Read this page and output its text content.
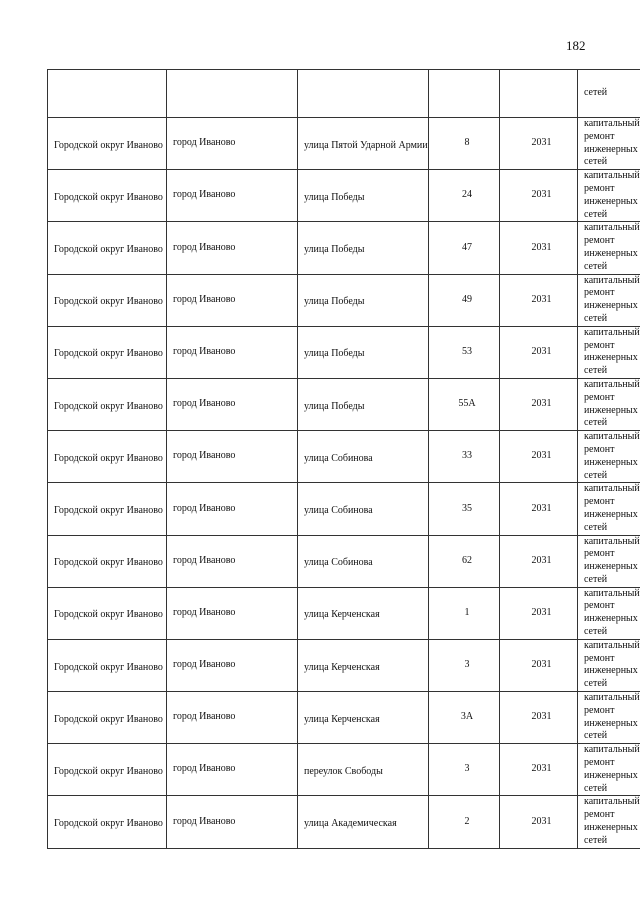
182
					сетей

Городской округ Иваново	город Иваново	улица Пятой Ударной Армии	8	2031	капитальный ремонт инженерных сетей

Городской округ Иваново	город Иваново	улица Победы	24	2031	капитальный ремонт инженерных сетей

Городской округ Иваново	город Иваново	улица Победы	47	2031	капитальный ремонт инженерных сетей

Городской округ Иваново	город Иваново	улица Победы	49	2031	капитальный ремонт инженерных сетей

Городской округ Иваново	город Иваново	улица Победы	53	2031	капитальный ремонт инженерных сетей

Городской округ Иваново	город Иваново	улица Победы	55А	2031	капитальный ремонт инженерных сетей

Городской округ Иваново	город Иваново	улица Собинова	33	2031	капитальный ремонт инженерных сетей

Городской округ Иваново	город Иваново	улица Собинова	35	2031	капитальный ремонт инженерных сетей

Городской округ Иваново	город Иваново	улица Собинова	62	2031	капитальный ремонт инженерных сетей

Городской округ Иваново	город Иваново	улица Керченская	1	2031	капитальный ремонт инженерных сетей

Городской округ Иваново	город Иваново	улица Керченская	3	2031	капитальный ремонт инженерных сетей

Городской округ Иваново	город Иваново	улица Керченская	3А	2031	капитальный ремонт инженерных сетей

Городской округ Иваново	город Иваново	переулок Свободы	3	2031	капитальный ремонт инженерных сетей

Городской округ Иваново	город Иваново	улица Академическая	2	2031	капитальный ремонт инженерных сетей
